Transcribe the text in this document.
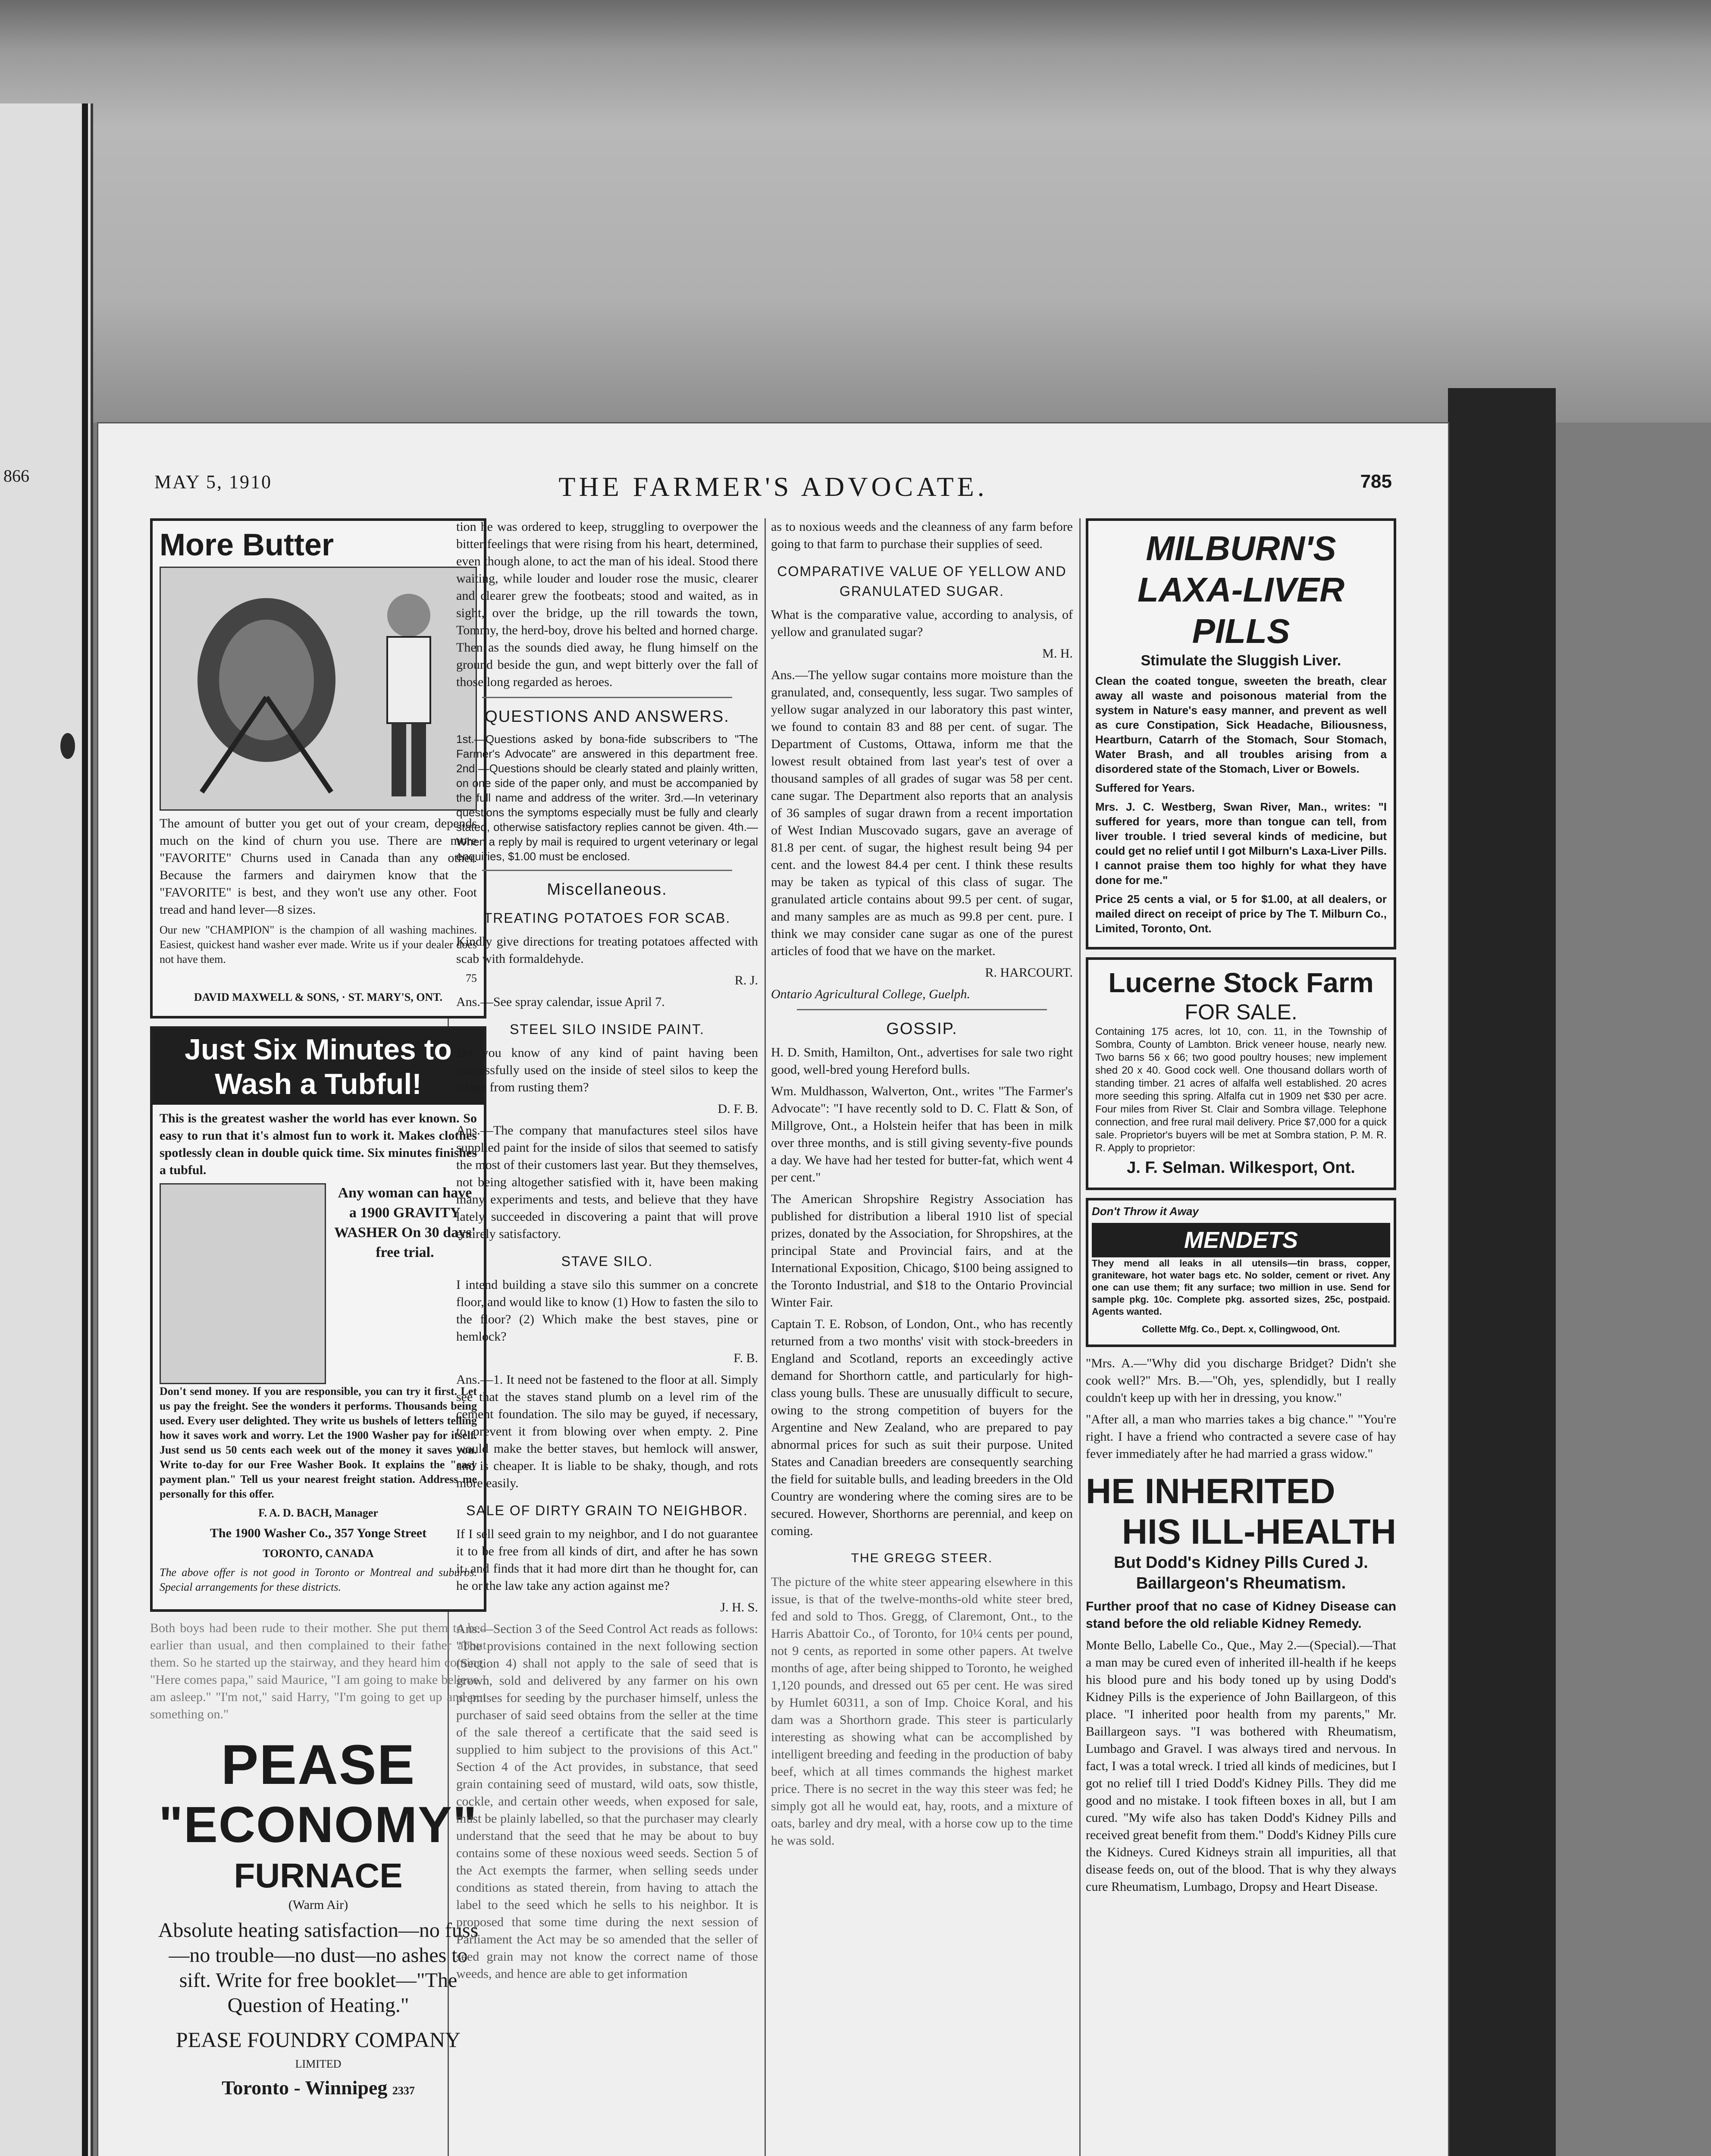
866	MAY 5, 1910	THE FARMER'S ADVOCATE.	785
More Butter

The amount of butter you get out of your cream, depends much on the kind of churn you use. There are more "FAVORITE" Churns used in Canada than any other. Because the farmers and dairymen know that the "FAVORITE" is best, and they won't use any other. Foot tread and hand lever—8 sizes.

Our new "CHAMPION" is the champion of all washing machines. Easiest, quickest hand washer ever made. Write us if your dealer does not have them.

75

DAVID MAXWELL & SONS, · ST. MARY'S, ONT.

Just Six Minutes to Wash a Tubful!

This is the greatest washer the world has ever known. So easy to run that it's almost fun to work it. Makes clothes spotlessly clean in double quick time. Six minutes finishes a tubful.

Any woman can have a 1900 GRAVITY WASHER On 30 days' free trial.

Don't send money. If you are responsible, you can try it first. Let us pay the freight. See the wonders it performs. Thousands being used. Every user delighted. They write us bushels of letters telling how it saves work and worry. Let the 1900 Washer pay for itself. Just send us 50 cents each week out of the money it saves you. Write to-day for our Free Washer Book. It explains the "easy payment plan." Tell us your nearest freight station. Address me personally for this offer.

F. A. D. BACH, Manager

The 1900 Washer Co., 357 Yonge Street

TORONTO, CANADA

The above offer is not good in Toronto or Montreal and suburbs. Special arrangements for these districts.

Both boys had been rude to their mother. She put them to bed earlier than usual, and then complained to their father about them. So he started up the stairway, and they heard him coming. "Here comes papa," said Maurice, "I am going to make believe I am asleep." "I'm not," said Harry, "I'm going to get up and put something on."

PEASE
"ECONOMY"
FURNACE

(Warm Air)

Absolute heating satisfaction—no fuss—no trouble—no dust—no ashes to sift. Write for free booklet—"The Question of Heating."

PEASE FOUNDRY COMPANY

LIMITED

Toronto - Winnipeg 2337

tion he was ordered to keep, struggling to overpower the bitter feelings that were rising from his heart, determined, even though alone, to act the man of his ideal. Stood there waiting, while louder and louder rose the music, clearer and clearer grew the footbeats; stood and waited, as in sight, over the bridge, up the rill towards the town, Tommy, the herd-boy, drove his belted and horned charge. Then as the sounds died away, he flung himself on the ground beside the gun, and wept bitterly over the fall of those long regarded as heroes.

QUESTIONS AND ANSWERS.

1st.—Questions asked by bona-fide subscribers to "The Farmer's Advocate" are answered in this department free. 2nd.—Questions should be clearly stated and plainly written, on one side of the paper only, and must be accompanied by the full name and address of the writer. 3rd.—In veterinary questions the symptoms especially must be fully and clearly stated, otherwise satisfactory replies cannot be given. 4th.—When a reply by mail is required to urgent veterinary or legal enquiries, $1.00 must be enclosed.

Miscellaneous.
TREATING POTATOES FOR SCAB.

Kindly give directions for treating potatoes affected with scab with formaldehyde.

R. J.

Ans.—See spray calendar, issue April 7.

STEEL SILO INSIDE PAINT.

Do you know of any kind of paint having been successfully used on the inside of steel silos to keep the silage from rusting them?

D. F. B.

Ans.—The company that manufactures steel silos have supplied paint for the inside of silos that seemed to satisfy the most of their customers last year. But they themselves, not being altogether satisfied with it, have been making many experiments and tests, and believe that they have lately succeeded in discovering a paint that will prove entirely satisfactory.

STAVE SILO.

I intend building a stave silo this summer on a concrete floor, and would like to know (1) How to fasten the silo to the floor? (2) Which make the best staves, pine or hemlock?

F. B.

Ans.—1. It need not be fastened to the floor at all. Simply see that the staves stand plumb on a level rim of the cement foundation. The silo may be guyed, if necessary, to prevent it from blowing over when empty. 2. Pine would make the better staves, but hemlock will answer, and is cheaper. It is liable to be shaky, though, and rots more easily.

SALE OF DIRTY GRAIN TO NEIGHBOR.

If I sell seed grain to my neighbor, and I do not guarantee it to be free from all kinds of dirt, and after he has sown it, and finds that it had more dirt than he thought for, can he or the law take any action against me?

J. H. S.

Ans.—Section 3 of the Seed Control Act reads as follows: "The provisions contained in the next following section (Section 4) shall not apply to the sale of seed that is grown, sold and delivered by any farmer on his own premises for seeding by the purchaser himself, unless the purchaser of said seed obtains from the seller at the time of the sale thereof a certificate that the said seed is supplied to him subject to the provisions of this Act." Section 4 of the Act provides, in substance, that seed grain containing seed of mustard, wild oats, sow thistle, cockle, and certain other weeds, when exposed for sale, must be plainly labelled, so that the purchaser may clearly understand that the seed that he may be about to buy contains some of these noxious weed seeds. Section 5 of the Act exempts the farmer, when selling seeds under conditions as stated therein, from having to attach the label to the seed which he sells to his neighbor. It is proposed that some time during the next session of Parliament the Act may be so amended that the seller of seed grain may not know the correct name of those weeds, and hence are able to get information

as to noxious weeds and the cleanness of any farm before going to that farm to purchase their supplies of seed.

COMPARATIVE VALUE OF YELLOW AND GRANULATED SUGAR.

What is the comparative value, according to analysis, of yellow and granulated sugar?

M. H.

Ans.—The yellow sugar contains more moisture than the granulated, and, consequently, less sugar. Two samples of yellow sugar analyzed in our laboratory this past winter, we found to contain 83 and 88 per cent. of sugar. The Department of Customs, Ottawa, inform me that the lowest result obtained from last year's test of over a thousand samples of all grades of sugar was 58 per cent. cane sugar. The Department also reports that an analysis of 36 samples of sugar drawn from a recent importation of West Indian Muscovado sugars, gave an average of 81.8 per cent. of sugar, the highest result being 94 per cent. and the lowest 84.4 per cent. I think these results may be taken as typical of this class of sugar. The granulated article contains about 99.5 per cent. of sugar, and many samples are as much as 99.8 per cent. pure. I think we may consider cane sugar as one of the purest articles of food that we have on the market.

R. HARCOURT.

Ontario Agricultural College, Guelph.

GOSSIP.

H. D. Smith, Hamilton, Ont., advertises for sale two right good, well-bred young Hereford bulls.

Wm. Muldhasson, Walverton, Ont., writes "The Farmer's Advocate": "I have recently sold to D. C. Flatt & Son, of Millgrove, Ont., a Holstein heifer that has been in milk over three months, and is still giving seventy-five pounds a day. We have had her tested for butter-fat, which went 4 per cent."

The American Shropshire Registry Association has published for distribution a liberal 1910 list of special prizes, donated by the Association, for Shropshires, at the principal State and Provincial fairs, and at the International Exposition, Chicago, $100 being assigned to the Toronto Industrial, and $18 to the Ontario Provincial Winter Fair.

Captain T. E. Robson, of London, Ont., who has recently returned from a two months' visit with stock-breeders in England and Scotland, reports an exceedingly active demand for Shorthorn cattle, and particularly for high-class young bulls. These are unusually difficult to secure, owing to the strong competition of buyers for the Argentine and New Zealand, who are prepared to pay abnormal prices for such as suit their purpose. United States and Canadian breeders are consequently searching the field for suitable bulls, and leading breeders in the Old Country are wondering where the coming sires are to be secured. However, Shorthorns are perennial, and keep on coming.

THE GREGG STEER.

The picture of the white steer appearing elsewhere in this issue, is that of the twelve-months-old white steer bred, fed and sold to Thos. Gregg, of Claremont, Ont., to the Harris Abattoir Co., of Toronto, for 10¼ cents per pound, not 9 cents, as reported in some other papers. At twelve months of age, after being shipped to Toronto, he weighed 1,120 pounds, and dressed out 65 per cent. He was sired by Humlet 60311, a son of Imp. Choice Koral, and his dam was a Shorthorn grade. This steer is particularly interesting as showing what can be accomplished by intelligent breeding and feeding in the production of baby beef, which at all times commands the highest market price. There is no secret in the way this steer was fed; he simply got all he would eat, hay, roots, and a mixture of oats, barley and dry meal, with a horse cow up to the time he was sold.

MILBURN'S
LAXA-LIVER
PILLS

Stimulate the Sluggish Liver.

Clean the coated tongue, sweeten the breath, clear away all waste and poisonous material from the system in Nature's easy manner, and prevent as well as cure Constipation, Sick Headache, Biliousness, Heartburn, Catarrh of the Stomach, Sour Stomach, Water Brash, and all troubles arising from a disordered state of the Stomach, Liver or Bowels.

Suffered for Years.

Mrs. J. C. Westberg, Swan River, Man., writes: "I suffered for years, more than tongue can tell, from liver trouble. I tried several kinds of medicine, but could get no relief until I got Milburn's Laxa-Liver Pills. I cannot praise them too highly for what they have done for me."

Price 25 cents a vial, or 5 for $1.00, at all dealers, or mailed direct on receipt of price by The T. Milburn Co., Limited, Toronto, Ont.

Lucerne Stock Farm
FOR SALE.

Containing 175 acres, lot 10, con. 11, in the Township of Sombra, County of Lambton. Brick veneer house, nearly new. Two barns 56 x 66; two good poultry houses; new implement shed 20 x 40. Good cock well. One thousand dollars worth of standing timber. 21 acres of alfalfa well established. 20 acres more seeding this spring. Alfalfa cut in 1909 net $30 per acre. Four miles from River St. Clair and Sombra village. Telephone connection, and free rural mail delivery. Price $7,000 for a quick sale. Proprietor's buyers will be met at Sombra station, P. M. R. R. Apply to proprietor:

J. F. Selman. Wilkesport, Ont.

Don't Throw it Away

MENDETS

They mend all leaks in all utensils—tin brass, copper, graniteware, hot water bags etc. No solder, cement or rivet. Any one can use them; fit any surface; two million in use. Send for sample pkg. 10c. Complete pkg. assorted sizes, 25c, postpaid. Agents wanted.

Collette Mfg. Co., Dept. x, Collingwood, Ont.

"Mrs. A.—"Why did you discharge Bridget? Didn't she cook well?" Mrs. B.—"Oh, yes, splendidly, but I really couldn't keep up with her in dressing, you know."

"After all, a man who marries takes a big chance." "You're right. I have a friend who contracted a severe case of hay fever immediately after he had married a grass widow."

HE INHERITED
HIS ILL-HEALTH

But Dodd's Kidney Pills Cured J. Baillargeon's Rheumatism.

Further proof that no case of Kidney Disease can stand before the old reliable Kidney Remedy.

Monte Bello, Labelle Co., Que., May 2.—(Special).—That a man may be cured even of inherited ill-health if he keeps his blood pure and his body toned up by using Dodd's Kidney Pills is the experience of John Baillargeon, of this place. "I inherited poor health from my parents," Mr. Baillargeon says. "I was bothered with Rheumatism, Lumbago and Gravel. I was always tired and nervous. In fact, I was a total wreck. I tried all kinds of medicines, but I got no relief till I tried Dodd's Kidney Pills. They did me good and no mistake. I took fifteen boxes in all, but I am cured. "My wife also has taken Dodd's Kidney Pills and received great benefit from them." Dodd's Kidney Pills cure the Kidneys. Cured Kidneys strain all impurities, all that disease feeds on, out of the blood. That is why they always cure Rheumatism, Lumbago, Dropsy and Heart Disease.
